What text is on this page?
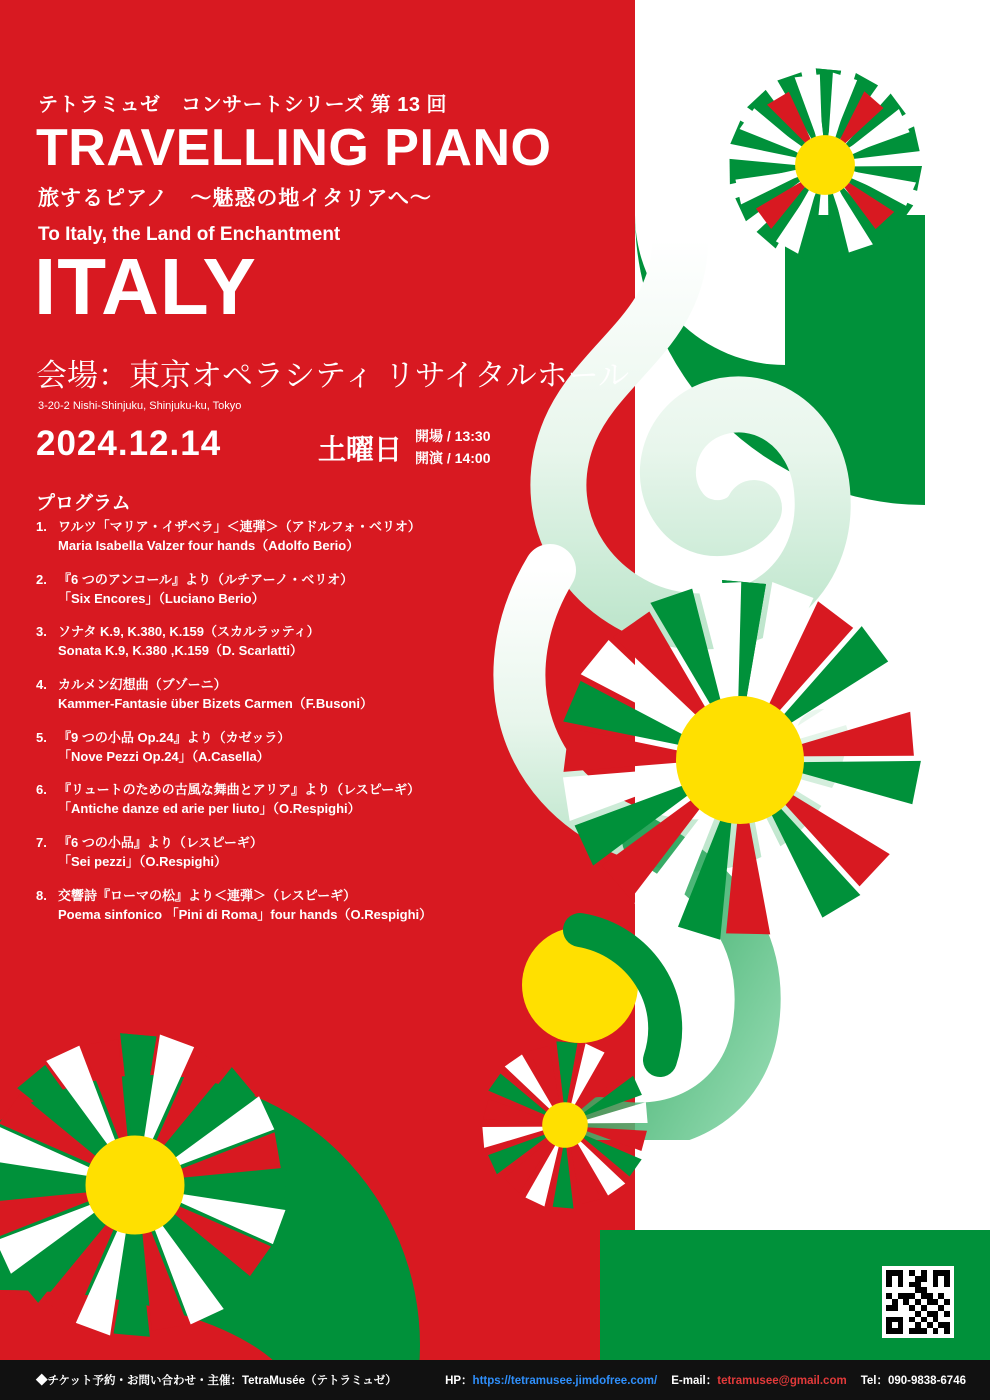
テトラミュゼ　コンサートシリーズ 第 13 回
TRAVELLING PIANO
旅するピアノ　〜魅惑の地イタリアへ〜
To Italy, the Land of Enchantment
ITALY
会場：東京オペラシティ リサイタルホール
3-20-2 Nishi-Shinjuku, Shinjuku-ku, Tokyo
2024.12.14	土曜日 開場 / 13:30
開演 / 14:00
プログラム
1. ワルツ「マリア・イザベラ」＜連弾＞（アドルフォ・ベリオ）
Maria Isabella Valzer four hands（Adolfo Berio）
2. 『6 つのアンコール』より（ルチアーノ・ベリオ）
「Six Encores」（Luciano Berio）
3. ソナタ K.9, K.380, K.159（スカルラッティ）
Sonata K.9, K.380 ,K.159（D. Scarlatti）
4. カルメン幻想曲（ブゾーニ）
Kammer-Fantasie über Bizets Carmen（F.Busoni）
5. 『9 つの小品 Op.24』より（カゼッラ）
「Nove Pezzi Op.24」（A.Casella）
6. 『リュートのための古風な舞曲とアリア』より（レスピーギ）
「Antiche danze ed arie per liuto」（O.Respighi）
7. 『6 つの小品』より（レスピーギ）
「Sei pezzi」（O.Respighi）
8. 交響詩『ローマの松』より＜連弾＞（レスピーギ）
Poema sinfonico 「Pini di Roma」four hands（O.Respighi）
◆チケット予約・お問い合わせ・主催：TetraMusée（テトラミュゼ）	HP：https://tetramusee.jimdofree.com/ E-mail：tetramusee@gmail.com Tel：090-9838-6746
